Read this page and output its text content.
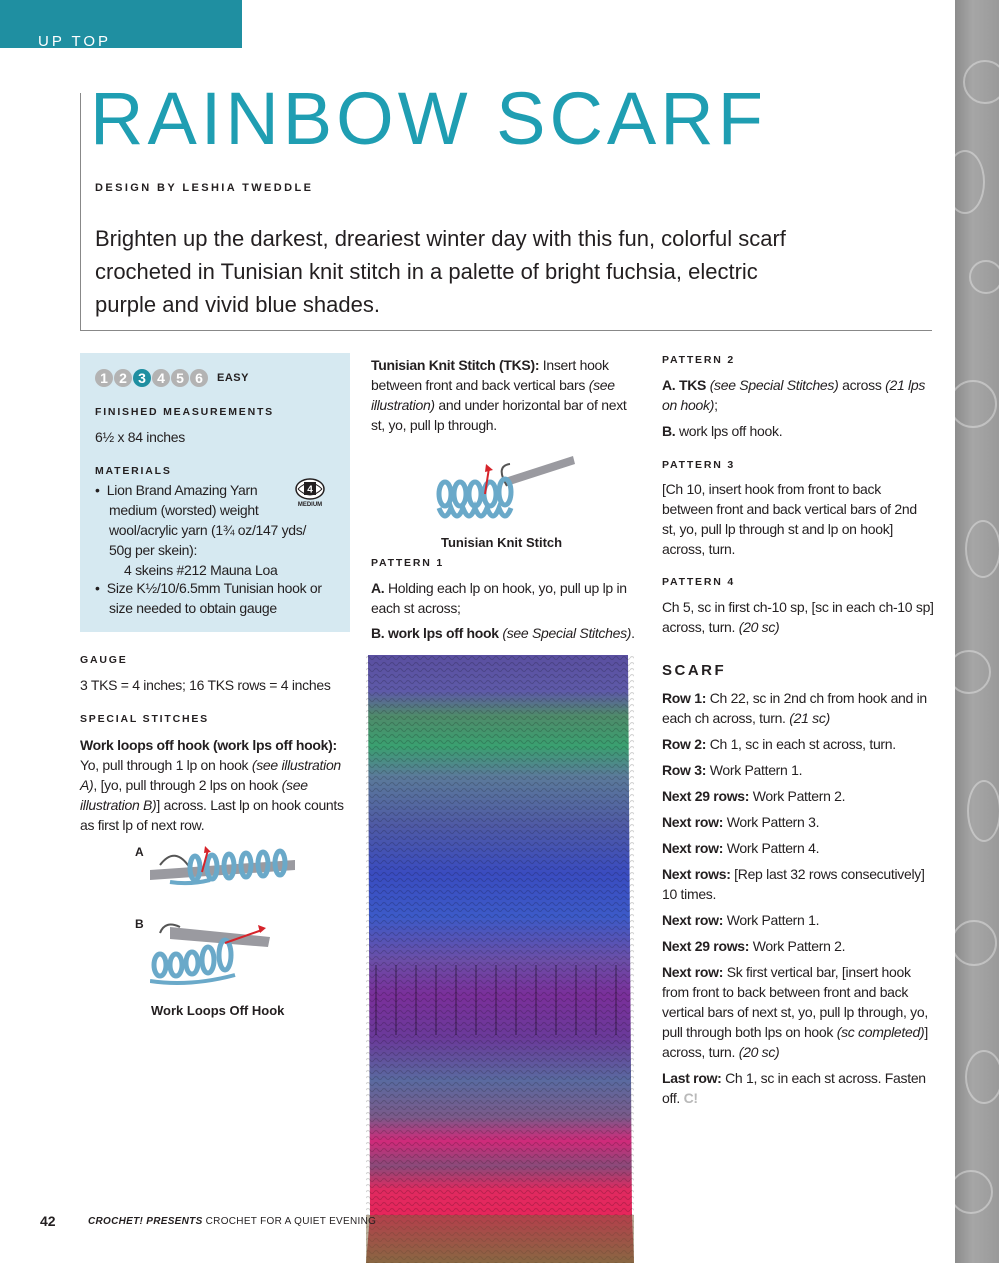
UP TOP
RAINBOW SCARF
DESIGN BY LESHIA TWEDDLE
Brighten up the darkest, dreariest winter day with this fun, colorful scarf
crocheted in Tunisian knit stitch in a palette of bright fuchsia, electric
purple and vivid blue shades.
1 2 3 4 5 6	EASY
FINISHED MEASUREMENTS
6½ x 84 inches
MATERIALS
4
MEDIUM
•  Lion Brand Amazing Yarn
medium (worsted) weight
wool/acrylic yarn (1¾ oz/147 yds/
50g per skein):
4 skeins #212 Mauna Loa
•  Size K½/10/6.5mm Tunisian hook or
size needed to obtain gauge
GAUGE
3 TKS = 4 inches; 16 TKS rows = 4 inches
SPECIAL STITCHES
Work loops off hook (work lps off hook):
Yo, pull through 1 lp on hook (see illustration
A), [yo, pull through 2 lps on hook (see
illustration B)] across. Last lp on hook counts
as first lp of next row.
A
B
Work Loops Off Hook
Tunisian Knit Stitch (TKS): Insert hook
between front and back vertical bars (see
illustration) and under horizontal bar of next
st, yo, pull lp through.
Tunisian Knit Stitch
PATTERN 1
A. Holding each lp on hook, yo, pull up lp in
each st across;
B. work lps off hook (see Special Stitches).
PATTERN 2
A. TKS (see Special Stitches) across (21 lps
on hook);
B. work lps off hook.
PATTERN 3
[Ch 10, insert hook from front to back
between front and back vertical bars of 2nd
st, yo, pull lp through st and lp on hook]
across, turn.
PATTERN 4
Ch 5, sc in first ch-10 sp, [sc in each ch-10 sp]
across, turn. (20 sc)
SCARF
Row 1: Ch 22, sc in 2nd ch from hook and in
each ch across, turn. (21 sc)
Row 2: Ch 1, sc in each st across, turn.
Row 3: Work Pattern 1.
Next 29 rows: Work Pattern 2.
Next row: Work Pattern 3.
Next row: Work Pattern 4.
Next rows: [Rep last 32 rows consecutively]
10 times.
Next row: Work Pattern 1.
Next 29 rows: Work Pattern 2.
Next row: Sk first vertical bar, [insert hook
from front to back between front and back
vertical bars of next st, yo, pull lp through, yo,
pull through both lps on hook (sc completed)]
across, turn. (20 sc)
Last row: Ch 1, sc in each st across. Fasten
off. C!
42	CROCHET! PRESENTS CROCHET FOR A QUIET EVENING
